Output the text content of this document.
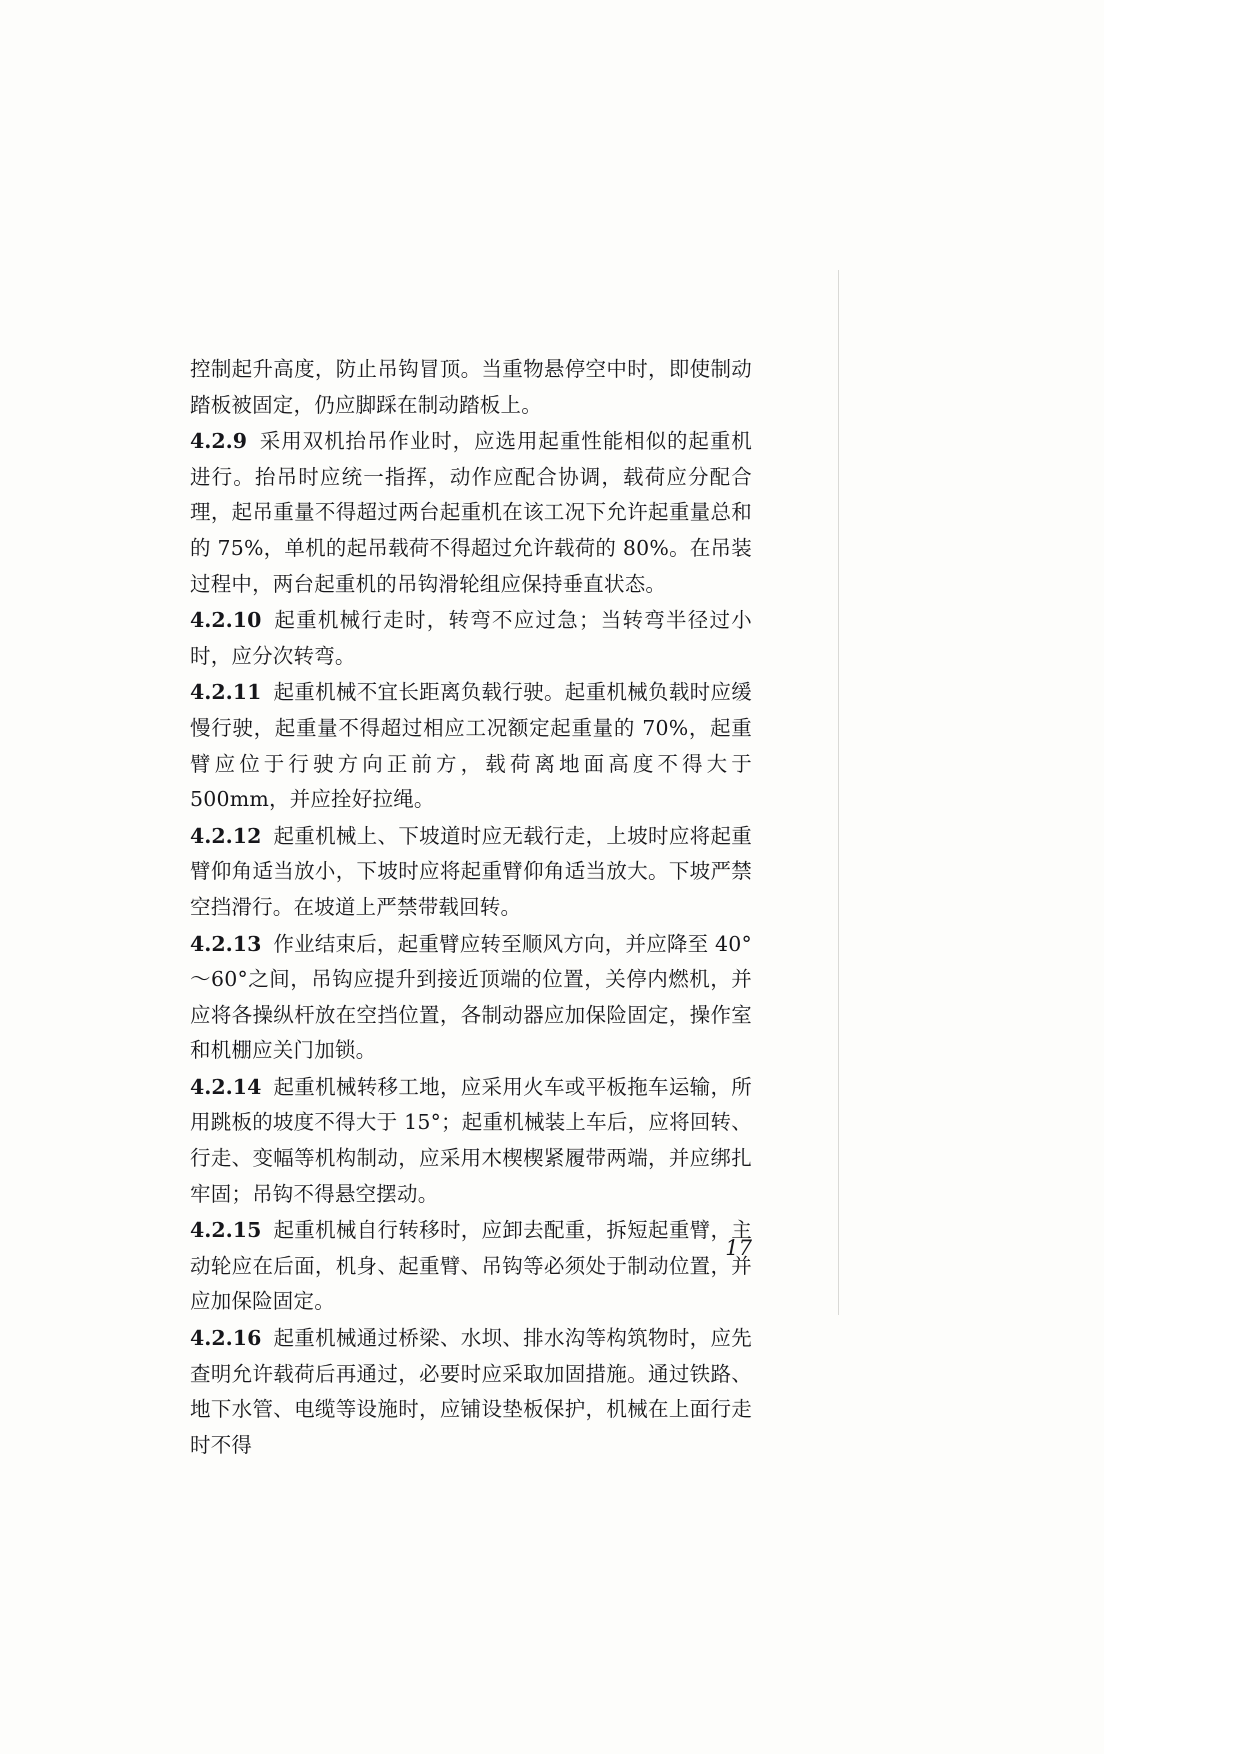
控制起升高度，防止吊钩冒顶。当重物悬停空中时，即使制动踏板被固定，仍应脚踩在制动踏板上。

4.2.9 采用双机抬吊作业时，应选用起重性能相似的起重机进行。抬吊时应统一指挥，动作应配合协调，载荷应分配合理，起吊重量不得超过两台起重机在该工况下允许起重量总和的 75%，单机的起吊载荷不得超过允许载荷的 80%。在吊装过程中，两台起重机的吊钩滑轮组应保持垂直状态。

4.2.10 起重机械行走时，转弯不应过急；当转弯半径过小时，应分次转弯。

4.2.11 起重机械不宜长距离负载行驶。起重机械负载时应缓慢行驶，起重量不得超过相应工况额定起重量的 70%，起重臂应位于行驶方向正前方，载荷离地面高度不得大于 500mm，并应拴好拉绳。

4.2.12 起重机械上、下坡道时应无载行走，上坡时应将起重臂仰角适当放小，下坡时应将起重臂仰角适当放大。下坡严禁空挡滑行。在坡道上严禁带载回转。

4.2.13 作业结束后，起重臂应转至顺风方向，并应降至 40°～60°之间，吊钩应提升到接近顶端的位置，关停内燃机，并应将各操纵杆放在空挡位置，各制动器应加保险固定，操作室和机棚应关门加锁。

4.2.14 起重机械转移工地，应采用火车或平板拖车运输，所用跳板的坡度不得大于 15°；起重机械装上车后，应将回转、行走、变幅等机构制动，应采用木楔楔紧履带两端，并应绑扎牢固；吊钩不得悬空摆动。

4.2.15 起重机械自行转移时，应卸去配重，拆短起重臂，主动轮应在后面，机身、起重臂、吊钩等必须处于制动位置，并应加保险固定。

4.2.16 起重机械通过桥梁、水坝、排水沟等构筑物时，应先查明允许载荷后再通过，必要时应采取加固措施。通过铁路、地下水管、电缆等设施时，应铺设垫板保护，机械在上面行走时不得

17
